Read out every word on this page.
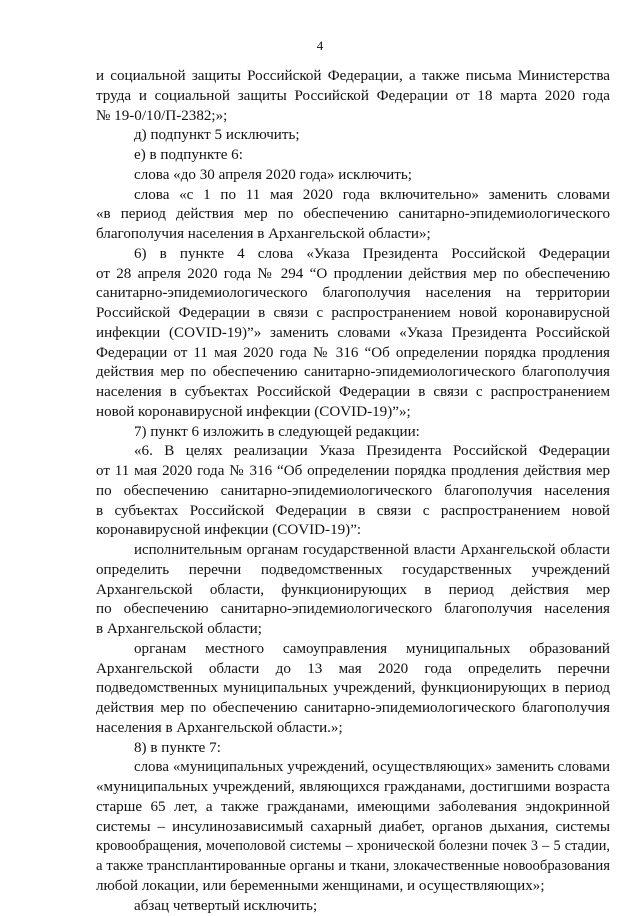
4
и социальной защиты Российской Федерации, а также письма Министерства
труда и социальной защиты Российской Федерации от 18 марта 2020 года
№ 19-0/10/П-2382;»;
д) подпункт 5 исключить;
е) в подпункте 6:
слова «до 30 апреля 2020 года» исключить;
слова «с 1 по 11 мая 2020 года включительно» заменить словами
«в период действия мер по обеспечению санитарно-эпидемиологического
благополучия населения в Архангельской области»;
6) в пункте 4 слова «Указа Президента Российской Федерации
от 28 апреля 2020 года № 294 “О продлении действия мер по обеспечению
санитарно-эпидемиологического благополучия населения на территории
Российской Федерации в связи с распространением новой коронавирусной
инфекции (COVID-19)”» заменить словами «Указа Президента Российской
Федерации от 11 мая 2020 года № 316 “Об определении порядка продления
действия мер по обеспечению санитарно-эпидемиологического благополучия
населения в субъектах Российской Федерации в связи с распространением
новой коронавирусной инфекции (COVID-19)”»;
7) пункт 6 изложить в следующей редакции:
«6. В целях реализации Указа Президента Российской Федерации
от 11 мая 2020 года № 316 “Об определении порядка продления действия мер
по обеспечению санитарно-эпидемиологического благополучия населения
в субъектах Российской Федерации в связи с распространением новой
коронавирусной инфекции (COVID-19)”:
исполнительным органам государственной власти Архангельской области
определить перечни подведомственных государственных учреждений
Архангельской области, функционирующих в период действия мер
по обеспечению санитарно-эпидемиологического благополучия населения
в Архангельской области;
органам местного самоуправления муниципальных образований
Архангельской области до 13 мая 2020 года определить перечни
подведомственных муниципальных учреждений, функционирующих в период
действия мер по обеспечению санитарно-эпидемиологического благополучия
населения в Архангельской области.»;
8) в пункте 7:
слова «муниципальных учреждений, осуществляющих» заменить словами
«муниципальных учреждений, являющихся гражданами, достигшими возраста
старше 65 лет, а также гражданами, имеющими заболевания эндокринной
системы – инсулинозависимый сахарный диабет, органов дыхания, системы
кровообращения, мочеполовой системы – хронической болезни почек 3 – 5 стадии,
а также трансплантированные органы и ткани, злокачественные новообразования
любой локации, или беременными женщинами, и осуществляющих»;
абзац четвертый исключить;
